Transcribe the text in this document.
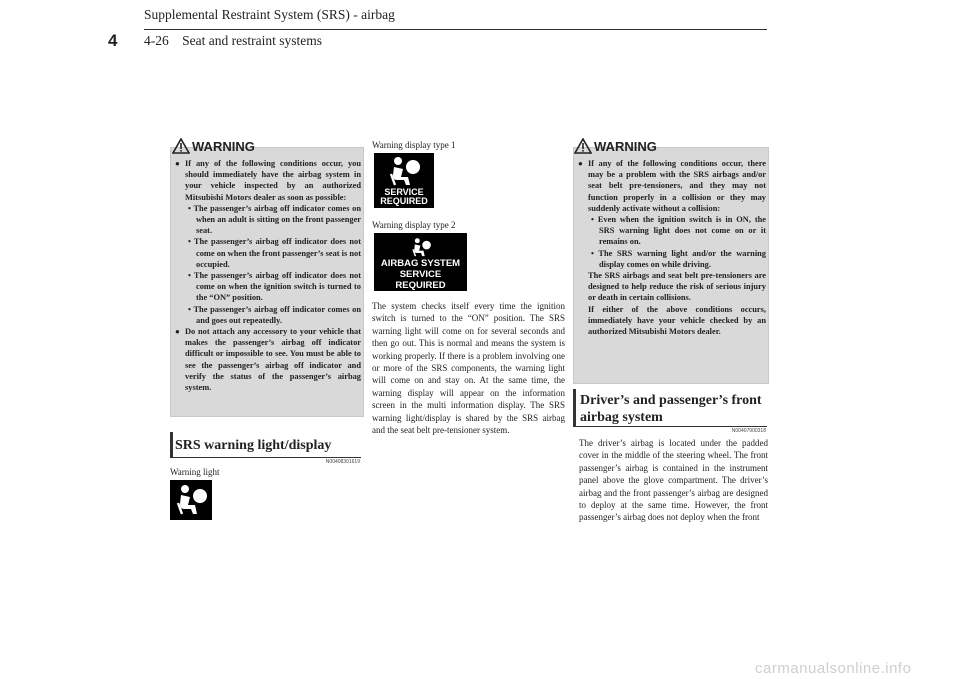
Supplemental Restraint System (SRS) - airbag
4-26 Seat and restraint systems
4
WARNING
● If any of the following conditions occur, you should immediately have the airbag system in your vehicle inspected by an authorized Mitsubishi Motors dealer as soon as possible:
• The passenger’s airbag off indicator comes on when an adult is sitting on the front passenger seat.
• The passenger’s airbag off indicator does not come on when the front passenger’s seat is not occupied.
• The passenger’s airbag off indicator does not come on when the ignition switch is turned to the “ON” position.
• The passenger’s airbag off indicator comes on and goes out repeatedly.
● Do not attach any accessory to your vehicle that makes the passenger’s airbag off indicator difficult or impossible to see. You must be able to see the passenger’s airbag off indicator and verify the status of the passenger’s airbag system.
SRS warning light/display
N00408301619
Warning light
Warning display type 1
SERVICE REQUIRED
Warning display type 2
AIRBAG SYSTEM
SERVICE REQUIRED
The system checks itself every time the ignition switch is turned to the “ON” position. The SRS warning light will come on for several seconds and then go out. This is normal and means the system is working properly. If there is a problem involving one or more of the SRS components, the warning light will come on and stay on. At the same time, the warning display will appear on the information screen in the multi information display. The SRS warning light/display is shared by the SRS airbag and the seat belt pre-tensioner system.
WARNING
● If any of the following conditions occur, there may be a problem with the SRS airbags and/or seat belt pre-tensioners, and they may not function properly in a collision or they may suddenly activate without a collision:
• Even when the ignition switch is in ON, the SRS warning light does not come on or it remains on.
• The SRS warning light and/or the warning display comes on while driving.
The SRS airbags and seat belt pre-tensioners are designed to help reduce the risk of serious injury or death in certain collisions.
If either of the above conditions occurs, immediately have your vehicle checked by an authorized Mitsubishi Motors dealer.
Driver’s and passenger’s front airbag system
N00407900318
The driver’s airbag is located under the padded cover in the middle of the steering wheel. The front passenger’s airbag is contained in the instrument panel above the glove compartment. The driver’s airbag and the front passenger’s airbag are designed to deploy at the same time. However, the front passenger’s airbag does not deploy when the front
carmanualsonline.info
